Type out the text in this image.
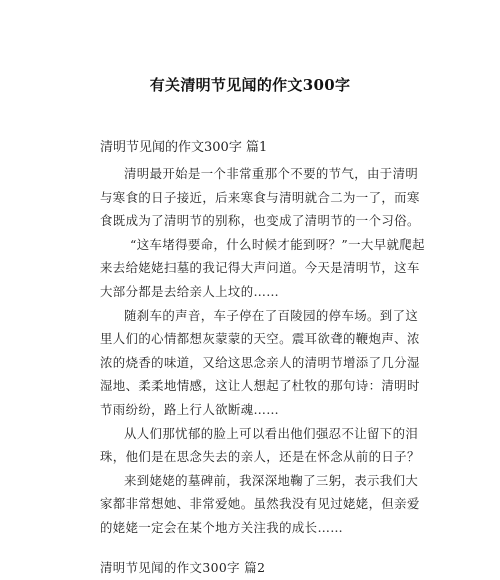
有关清明节见闻的作文300字
清明节见闻的作文300字 篇1

清明最开始是一个非常重那个不要的节气，由于清明与寒食的日子接近，后来寒食与清明就合二为一了，而寒食既成为了清明节的别称，也变成了清明节的一个习俗。

“这车堵得要命，什么时候才能到呀？”一大早就爬起来去给姥姥扫墓的我记得大声问道。今天是清明节，这车大部分都是去给亲人上坟的……

随刹车的声音，车子停在了百陵园的停车场。到了这里人们的心情都想灰蒙蒙的天空。震耳欲聋的鞭炮声、浓浓的烧香的味道，又给这思念亲人的清明节增添了几分湿湿地、柔柔地情感，这让人想起了杜牧的那句诗：清明时节雨纷纷，路上行人欲断魂……

从人们那忧郁的脸上可以看出他们强忍不让留下的泪珠，他们是在思念失去的亲人，还是在怀念从前的日子？

来到姥姥的墓碑前，我深深地鞠了三躬，表示我们大家都非常想她、非常爱她。虽然我没有见过姥姥，但亲爱的姥姥一定会在某个地方关注我的成长……

清明节见闻的作文300字 篇2
